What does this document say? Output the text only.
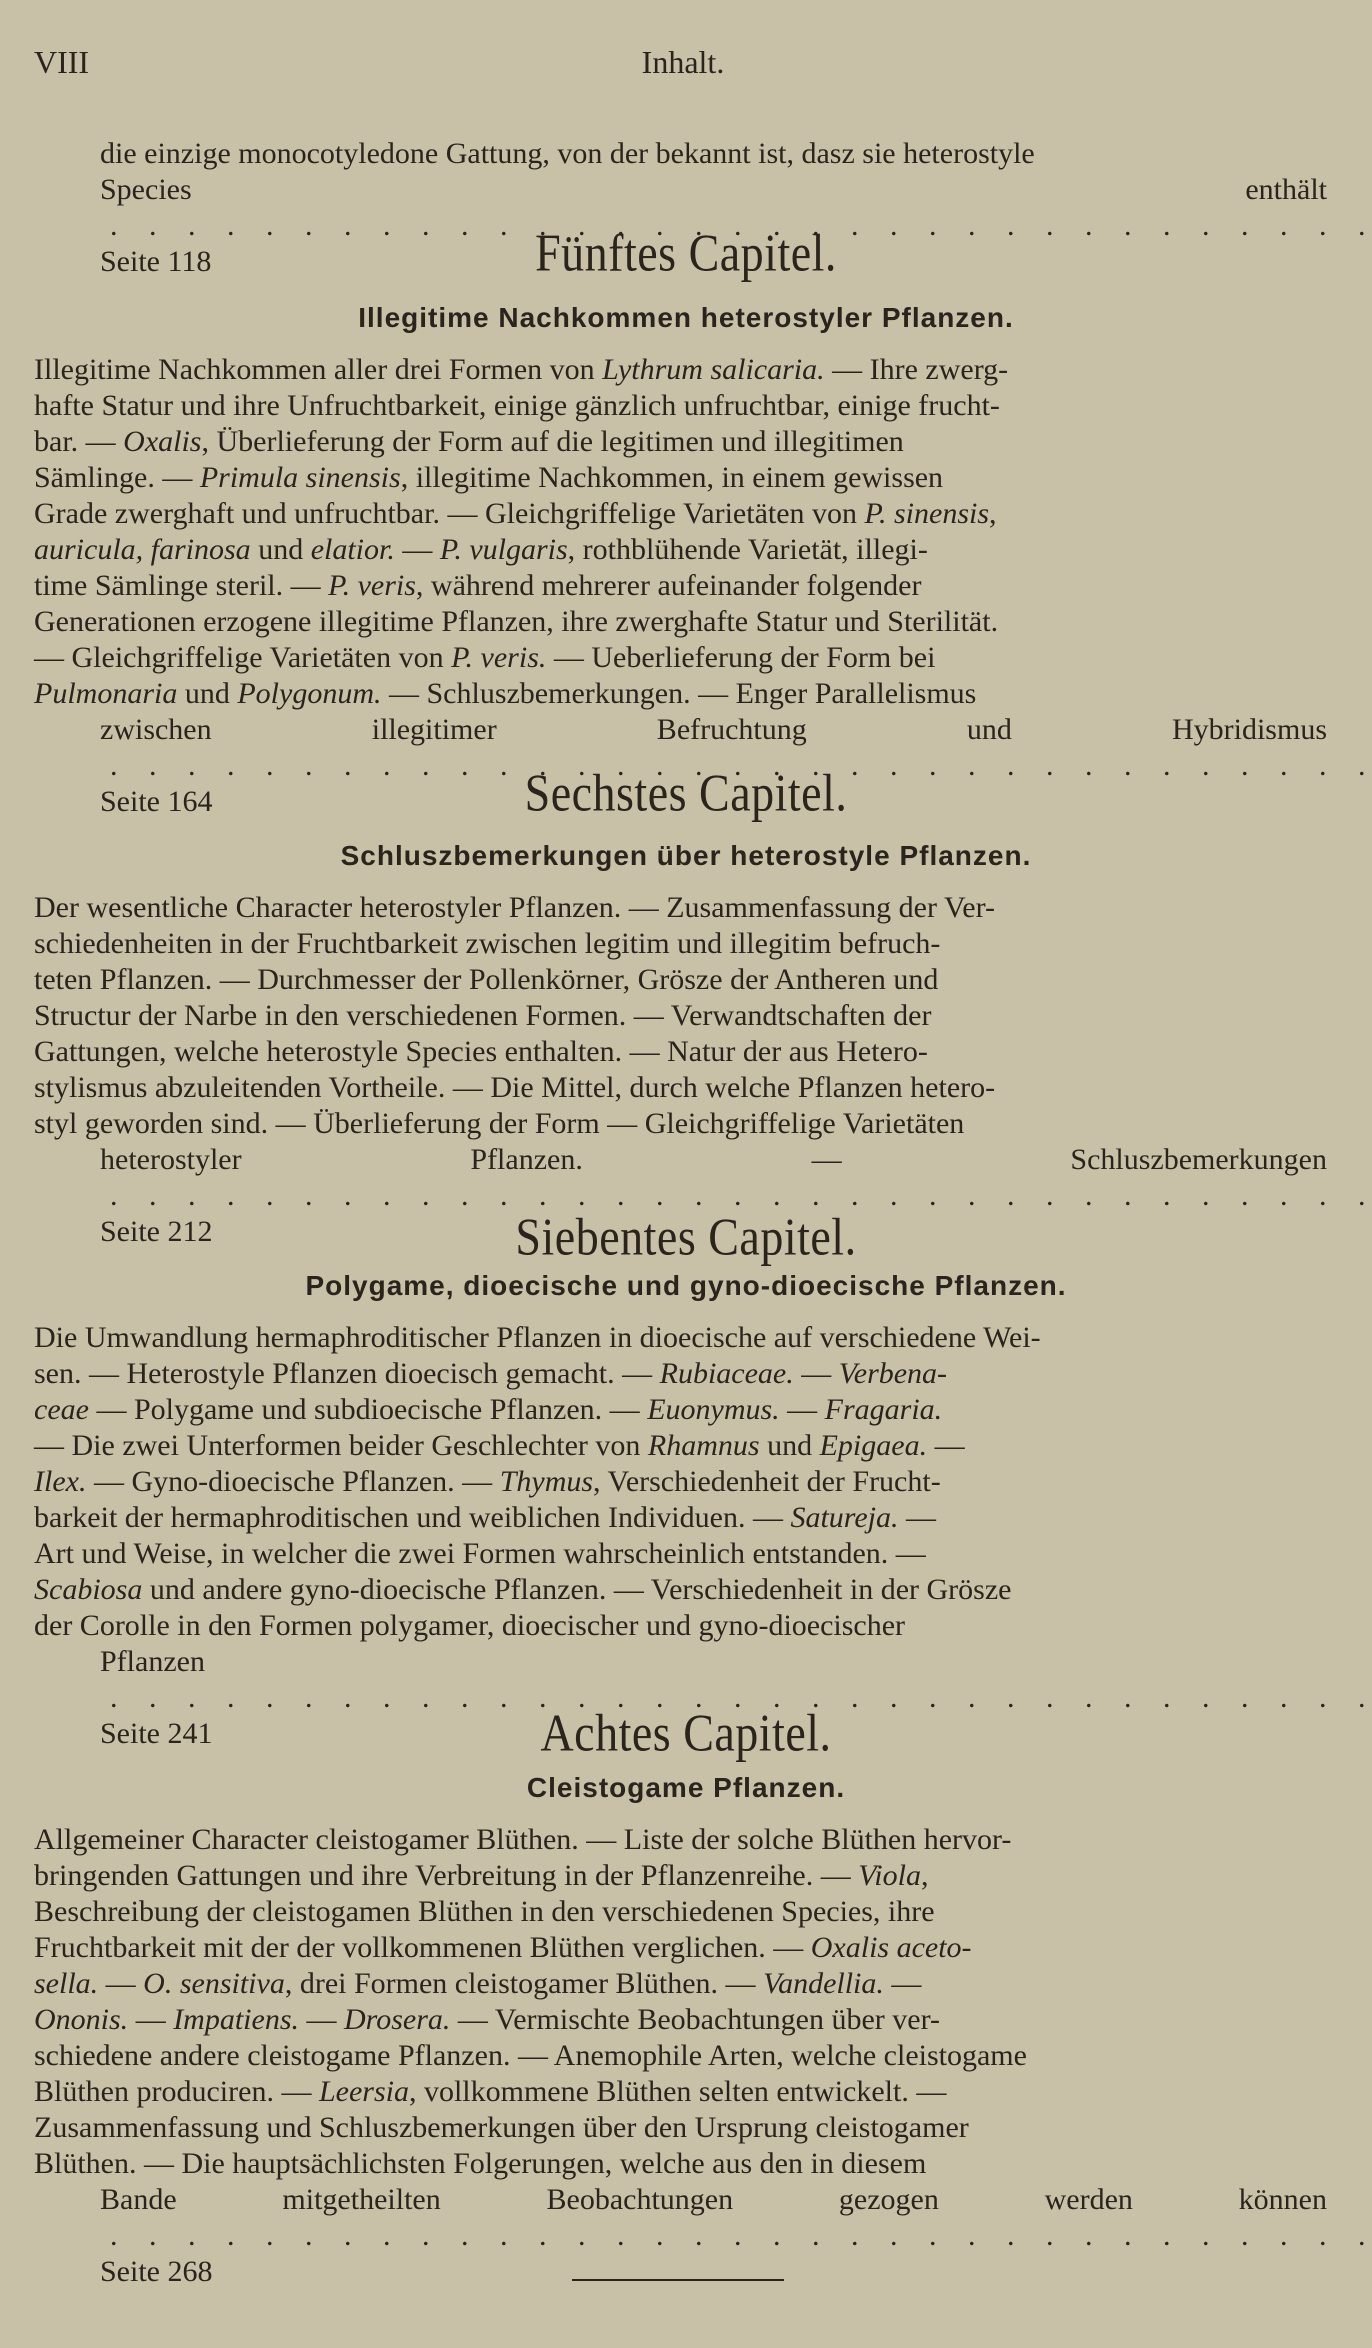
VIII	Inhalt.
die einzige monocotyledone Gattung, von der bekannt ist, dasz sie heterostyle
Species enthält . . . Seite 118	Fünftes Capitel.
Illegitime Nachkommen heterostyler Pflanzen.
Illegitime Nachkommen aller drei Formen von Lythrum salicaria. — Ihre zwerg-
hafte Statur und ihre Unfruchtbarkeit, einige gänzlich unfruchtbar, einige frucht-
bar. — Oxalis, Überlieferung der Form auf die legitimen und illegitimen
Sämlinge. — Primula sinensis, illegitime Nachkommen, in einem gewissen
Grade zwerghaft und unfruchtbar. — Gleichgriffelige Varietäten von P. sinensis,
auricula, farinosa und elatior. — P. vulgaris, rothblühende Varietät, illegi-
time Sämlinge steril. — P. veris, während mehrerer aufeinander folgender
Generationen erzogene illegitime Pflanzen, ihre zwerghafte Statur und Sterilität.
— Gleichgriffelige Varietäten von P. veris. — Ueberlieferung der Form bei
Pulmonaria und Polygonum. — Schluszbemerkungen. — Enger Parallelismus
zwischen illegitimer Befruchtung und Hybridismus . . . Seite 164	Sechstes Capitel.
Schluszbemerkungen über heterostyle Pflanzen.
Der wesentliche Character heterostyler Pflanzen. — Zusammenfassung der Ver-
schiedenheiten in der Fruchtbarkeit zwischen legitim und illegitim befruch-
teten Pflanzen. — Durchmesser der Pollenkörner, Grösze der Antheren und
Structur der Narbe in den verschiedenen Formen. — Verwandtschaften der
Gattungen, welche heterostyle Species enthalten. — Natur der aus Hetero-
stylismus abzuleitenden Vortheile. — Die Mittel, durch welche Pflanzen hetero-
styl geworden sind. — Überlieferung der Form — Gleichgriffelige Varietäten
heterostyler Pflanzen. — Schluszbemerkungen . . . Seite 212	Siebentes Capitel.
Polygame, dioecische und gyno-dioecische Pflanzen.
Die Umwandlung hermaphroditischer Pflanzen in dioecische auf verschiedene Wei-
sen. — Heterostyle Pflanzen dioecisch gemacht. — Rubiaceae. — Verbena-
ceae — Polygame und subdioecische Pflanzen. — Euonymus. — Fragaria.
— Die zwei Unterformen beider Geschlechter von Rhamnus und Epigaea. —
Ilex. — Gyno-dioecische Pflanzen. — Thymus, Verschiedenheit der Frucht-
barkeit der hermaphroditischen und weiblichen Individuen. — Satureja. —
Art und Weise, in welcher die zwei Formen wahrscheinlich entstanden. —
Scabiosa und andere gyno-dioecische Pflanzen. — Verschiedenheit in der Grösze
der Corolle in den Formen polygamer, dioecischer und gyno-dioecischer
Pflanzen . . . Seite 241	Achtes Capitel.
Cleistogame Pflanzen.
Allgemeiner Character cleistogamer Blüthen. — Liste der solche Blüthen hervor-
bringenden Gattungen und ihre Verbreitung in der Pflanzenreihe. — Viola,
Beschreibung der cleistogamen Blüthen in den verschiedenen Species, ihre
Fruchtbarkeit mit der der vollkommenen Blüthen verglichen. — Oxalis aceto-
sella. — O. sensitiva, drei Formen cleistogamer Blüthen. — Vandellia. —
Ononis. — Impatiens. — Drosera. — Vermischte Beobachtungen über ver-
schiedene andere cleistogame Pflanzen. — Anemophile Arten, welche cleistogame
Blüthen produciren. — Leersia, vollkommene Blüthen selten entwickelt. —
Zusammenfassung und Schluszbemerkungen über den Ursprung cleistogamer
Blüthen. — Die hauptsächlichsten Folgerungen, welche aus den in diesem
Bande mitgetheilten Beobachtungen gezogen werden können . . . Seite 268
